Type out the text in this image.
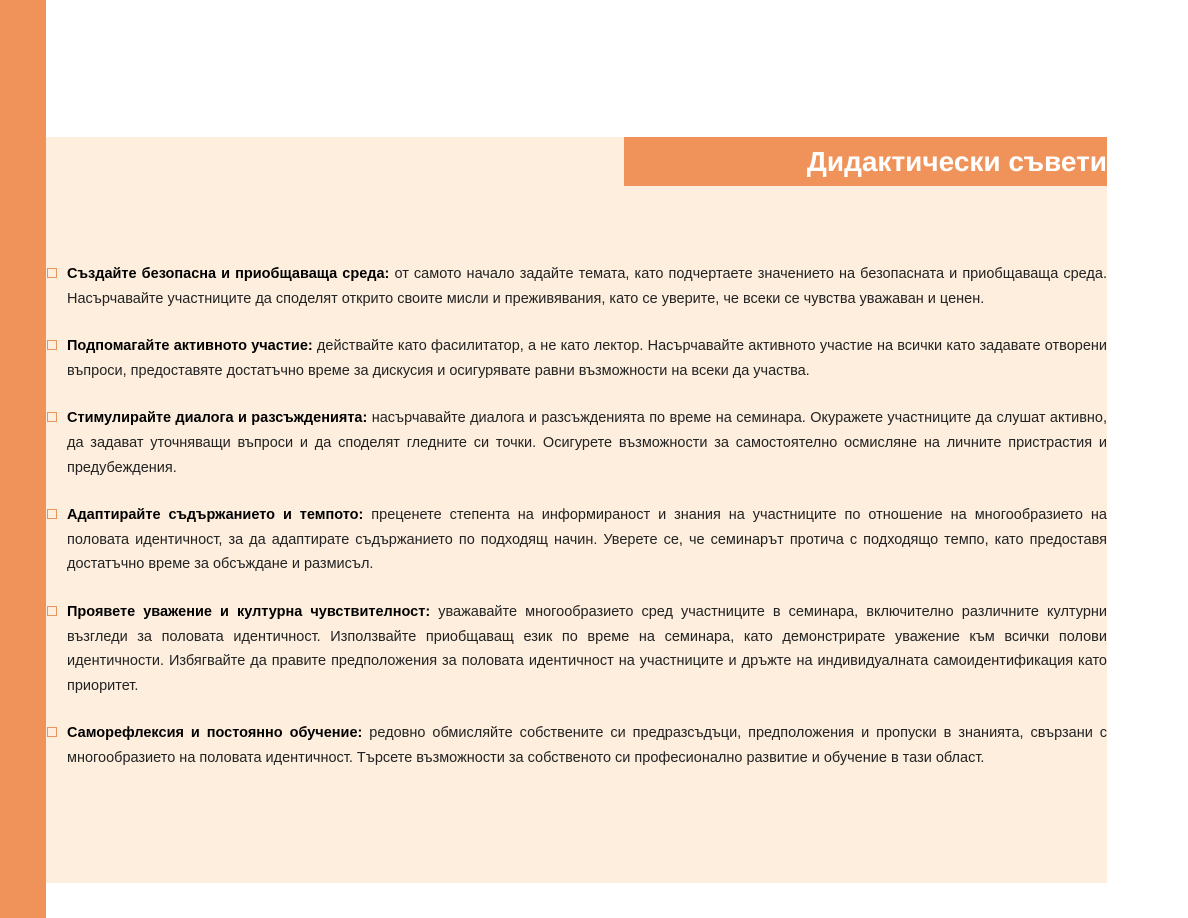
Дидактически съвети
Създайте безопасна и приобщаваща среда: от самото начало задайте темата, като подчертаете значението на безопасната и приобщаваща среда. Насърчавайте участниците да споделят открито своите мисли и преживявания, като се уверите, че всеки се чувства уважаван и ценен.
Подпомагайте активното участие: действайте като фасилитатор, а не като лектор. Насърчавайте активното участие на всички като задавате отворени въпроси, предоставяте достатъчно време за дискусия и осигурявате равни възможности на всеки да участва.
Стимулирайте диалога и разсъжденията: насърчавайте диалога и разсъжденията по време на семинара. Окуражете участниците да слушат активно, да задават уточняващи въпроси и да споделят гледните си точки. Осигурете възможности за самостоятелно осмисляне на личните пристрастия и предубеждения.
Адаптирайте съдържанието и темпото: преценете степента на информираност и знания на участниците по отношение на многообразието на половата идентичност, за да адаптирате съдържанието по подходящ начин. Уверете се, че семинарът протича с подходящо темпо, като предоставя достатъчно време за обсъждане и размисъл.
Проявете уважение и културна чувствителност: уважавайте многообразието сред участниците в семинара, включително различните културни възгледи за половата идентичност. Използвайте приобщаващ език по време на семинара, като демонстрирате уважение към всички полови идентичности. Избягвайте да правите предположения за половата идентичност на участниците и дръжте на индивидуалната самоидентификация като приоритет.
Саморефлексия и постоянно обучение: редовно обмисляйте собствените си предразсъдъци, предположения и пропуски в знанията, свързани с многообразието на половата идентичност. Търсете възможности за собственото си професионално развитие и обучение в тази област.
